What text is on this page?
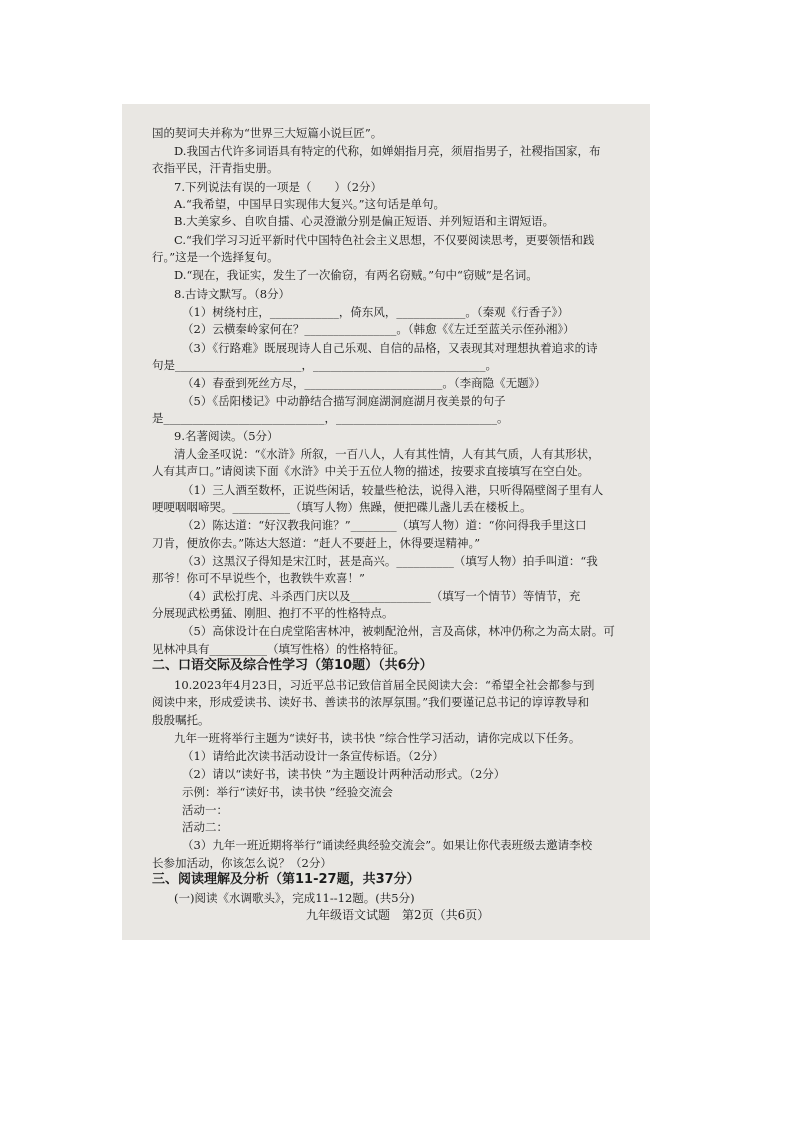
国的契诃夫并称为“世界三大短篇小说巨匠”。
D.我国古代许多词语具有特定的代称，如婵娟指月亮，须眉指男子，社稷指国家，布
衣指平民，汗青指史册。
7.下列说法有误的一项是（　　）（2分）
A.“我希望，中国早日实现伟大复兴。”这句话是单句。
B.大美家乡、自吹自擂、心灵澄澈分别是偏正短语、并列短语和主谓短语。
C.“我们学习习近平新时代中国特色社会主义思想，不仅要阅读思考，更要领悟和践
行。”这是一个选择复句。
D.“现在，我证实，发生了一次偷窃，有两名窃贼。”句中“窃贼”是名词。
8.古诗文默写。（8分）
（1）树绕村庄，____________，倚东风，____________。（秦观《行香子》）
（2）云横秦岭家何在？________________。（韩愈《《左迁至蓝关示侄孙湘》）
（3）《行路难》既展现诗人自己乐观、自信的品格，又表现其对理想执着追求的诗
句是______________________，______________________________。
（4）春蚕到死丝方尽，________________________。（李商隐《无题》）
（5）《岳阳楼记》中动静结合描写洞庭湖洞庭湖月夜美景的句子
是____________________________，____________________________。
9.名著阅读。（5分）
清人金圣叹说：“《水浒》所叙，一百八人，人有其性情，人有其气质，人有其形状，
人有其声口。”请阅读下面《水浒》中关于五位人物的描述，按要求直接填写在空白处。
（1）三人酒至数杯，正说些闲话，较量些枪法，说得入港，只听得隔壁阁子里有人
哽哽咽咽啼哭。__________（填写人物）焦躁，便把碟儿盏儿丢在楼板上。
（2）陈达道：“好汉教我问谁？”________（填写人物）道：“你问得我手里这口
刀肯，便放你去。”陈达大怒道：“赶人不要赶上，休得要逞精神。”
（3）这黑汉子得知是宋江时，甚是高兴。__________（填写人物）拍手叫道：“我
那爷！你可不早说些个，也教铁牛欢喜！”
（4）武松打虎、斗杀西门庆以及______________（填写一个情节）等情节，充
分展现武松勇猛、刚胆、抱打不平的性格特点。
（5）高俅设计在白虎堂陷害林冲，被刺配沧州，言及高俅，林冲仍称之为高太尉。可
见林冲具有__________（填写性格）的性格特征。
二、口语交际及综合性学习（第10题）（共6分）
10.2023年4月23日，习近平总书记致信首届全民阅读大会：“希望全社会都参与到
阅读中来，形成爱读书、读好书、善读书的浓厚氛围。”我们要谨记总书记的谆谆教导和
殷殷嘱托。
九年一班将举行主题为“读好书，读书快 ”综合性学习活动，请你完成以下任务。
（1）请给此次读书活动设计一条宣传标语。（2分）
（2）请以“读好书，读书快 ”为主题设计两种活动形式。（2分）
示例：举行“读好书，读书快 ”经验交流会
活动一：
活动二：
（3）九年一班近期将举行“诵读经典经验交流会”。如果让你代表班级去邀请李校
长参加活动，你该怎么说？（2分）
三、阅读理解及分析（第11-27题，共37分）
(一)阅读《水调歌头》，完成11--12题。(共5分)
九年级语文试题　第2页（共6页）
